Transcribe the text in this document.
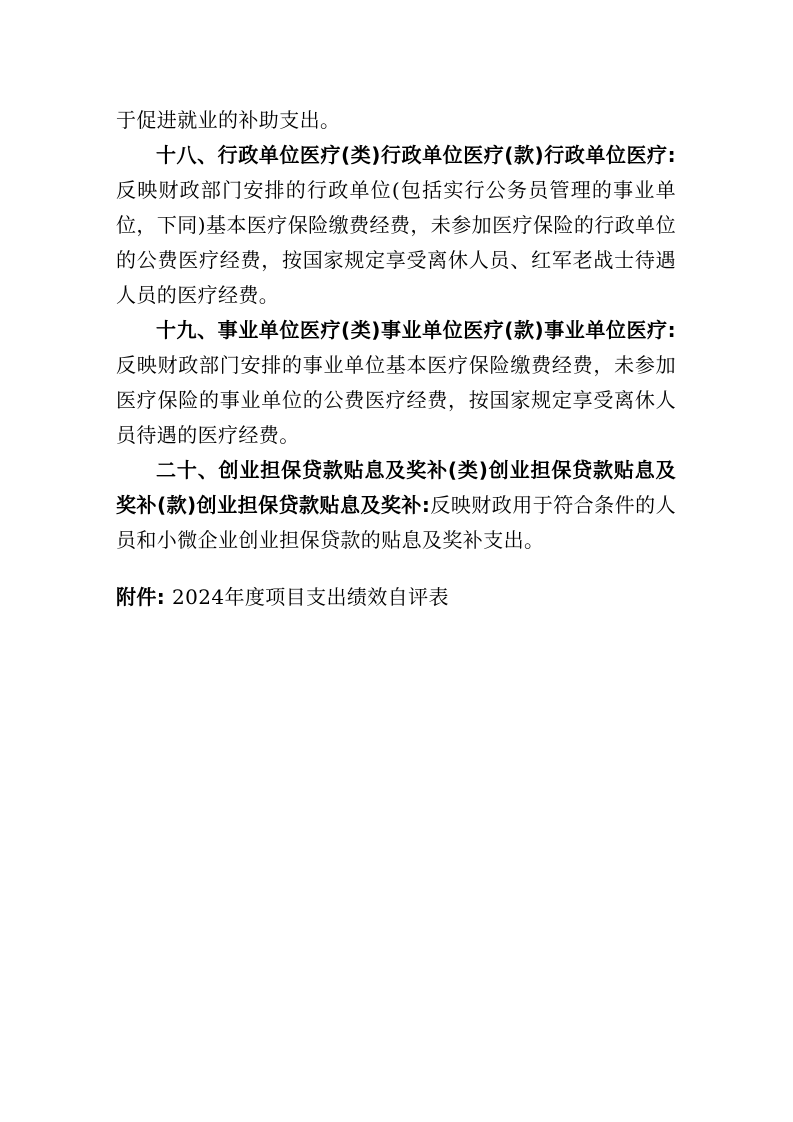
于促进就业的补助支出。

十八、行政单位医疗(类)行政单位医疗(款)行政单位医疗:反映财政部门安排的行政单位(包括实行公务员管理的事业单位，下同)基本医疗保险缴费经费，未参加医疗保险的行政单位的公费医疗经费，按国家规定享受离休人员、红军老战士待遇人员的医疗经费。

十九、事业单位医疗(类)事业单位医疗(款)事业单位医疗:反映财政部门安排的事业单位基本医疗保险缴费经费，未参加医疗保险的事业单位的公费医疗经费，按国家规定享受离休人员待遇的医疗经费。

二十、创业担保贷款贴息及奖补(类)创业担保贷款贴息及奖补(款)创业担保贷款贴息及奖补:反映财政用于符合条件的人员和小微企业创业担保贷款的贴息及奖补支出。

附件: 2024年度项目支出绩效自评表
